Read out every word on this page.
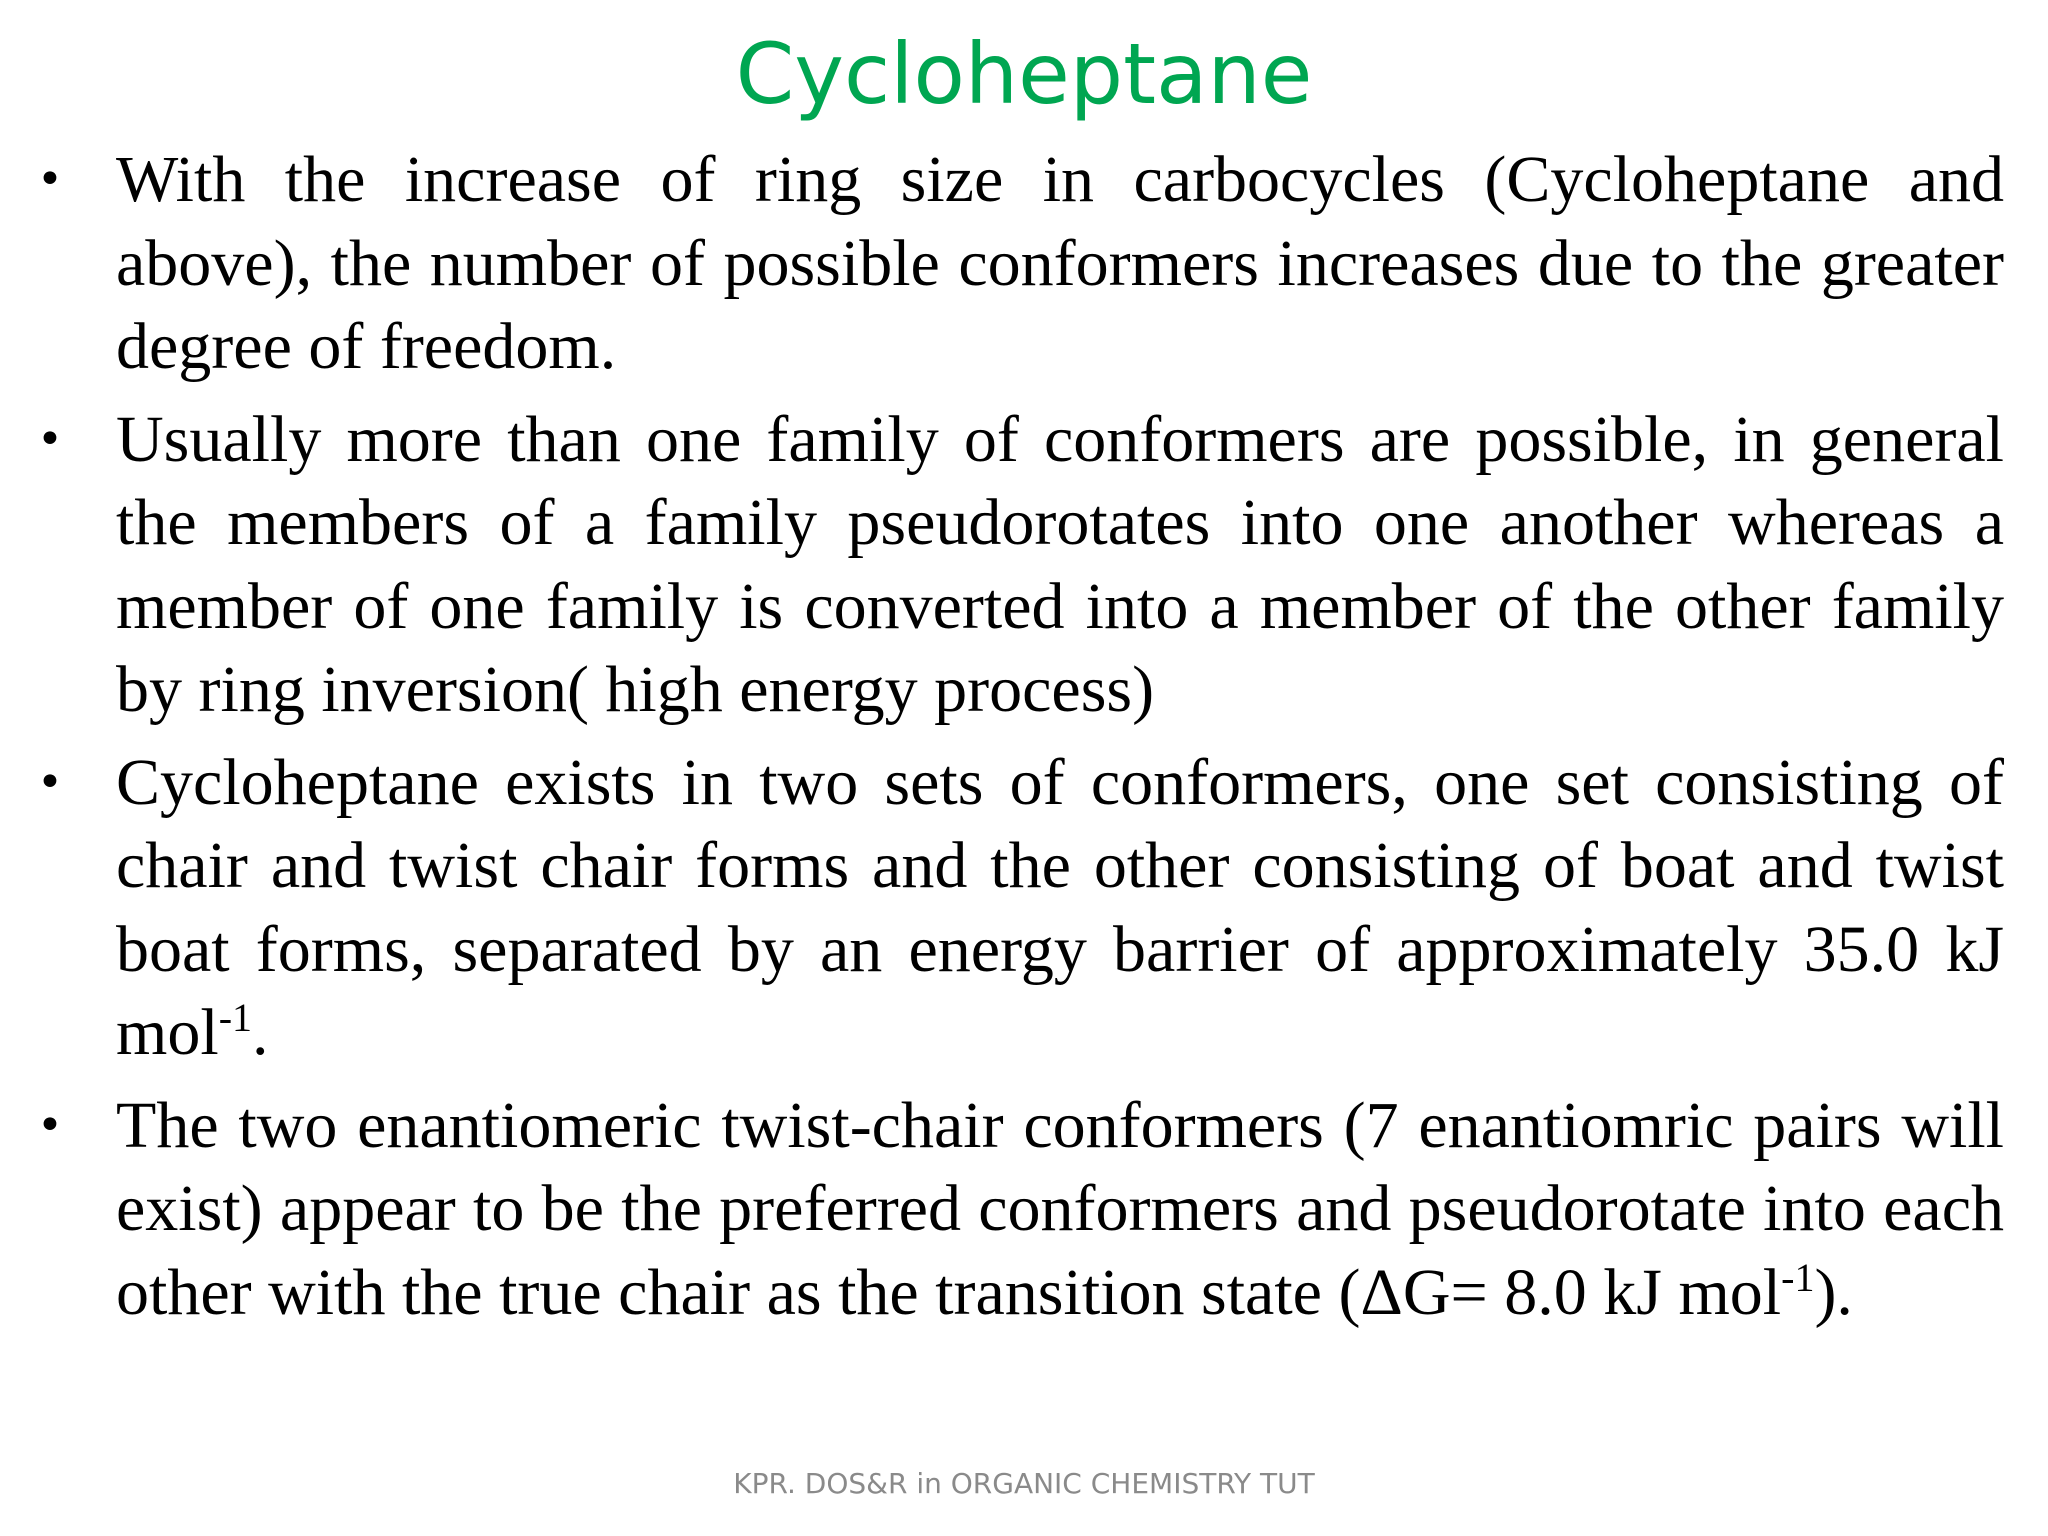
Cycloheptane
• With the increase of ring size in carbocycles (Cycloheptane and above), the number of possible conformers increases due to the greater degree of freedom.
• Usually more than one family of conformers are possible, in general the members of a family pseudorotates into one another whereas a member of one family is converted into a member of the other family by ring inversion( high energy process)
• Cycloheptane exists in two sets of conformers, one set consisting of chair and twist chair forms and the other consisting of boat and twist boat forms, separated by an energy barrier of approximately 35.0 kJ mol$^{-1}$.
• The two enantiomeric twist-chair conformers (7 enantiomric pairs will exist) appear to be the preferred conformers and pseudorotate into each other with the true chair as the transition state (ΔG= 8.0 kJ mol$^{-1}$).
KPR. DOS&R in ORGANIC CHEMISTRY TUT
